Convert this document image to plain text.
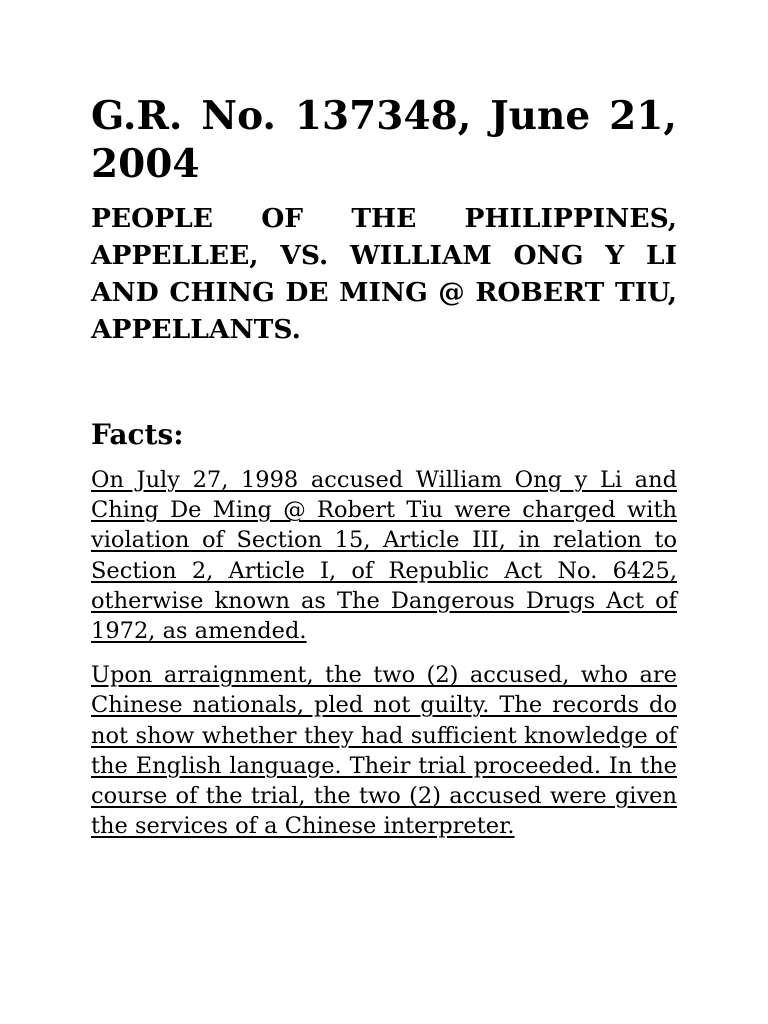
G.R. No. 137348, June 21, 2004
PEOPLE OF THE PHILIPPINES, APPELLEE, VS. WILLIAM ONG Y LI AND CHING DE MING @ ROBERT TIU, APPELLANTS.
Facts:

On July 27, 1998 accused William Ong y Li and Ching De Ming @ Robert Tiu were charged with violation of Section 15, Article III, in relation to Section 2, Article I, of Republic Act No. 6425, otherwise known as The Dangerous Drugs Act of 1972, as amended.

Upon arraignment, the two (2) accused, who are Chinese nationals, pled not guilty. The records do not show whether they had sufficient knowledge of the English language. Their trial proceeded. In the course of the trial, the two (2) accused were given the services of a Chinese interpreter.
